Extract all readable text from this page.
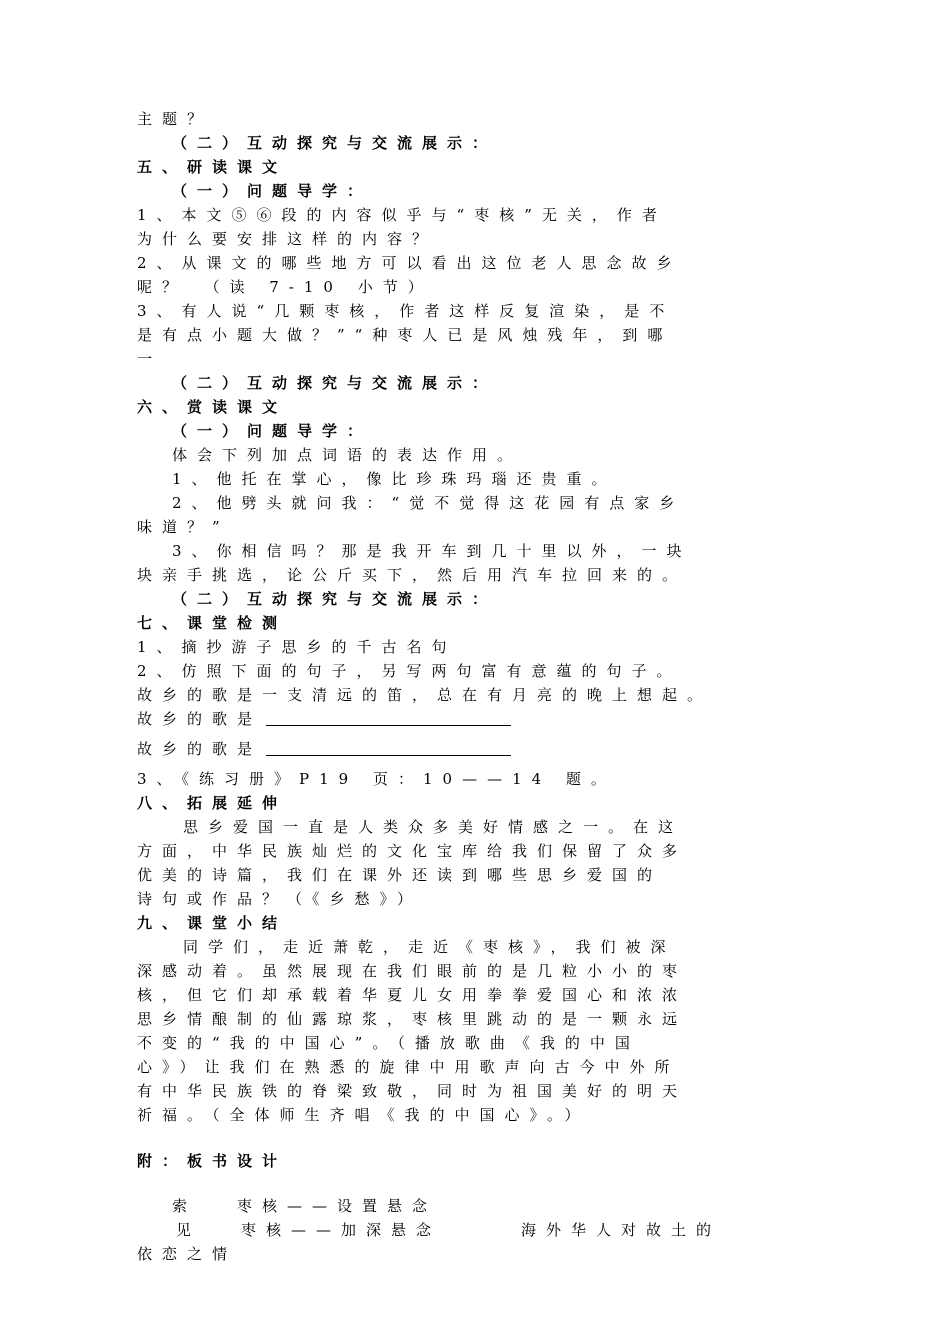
主题？
（二）互动探究与交流展示：
五、研读课文
（一）问题导学：
1、本文⑤⑥段的内容似乎与“枣核”无关，作者
为什么要安排这样的内容？
2、从课文的哪些地方可以看出这位老人思念故乡
呢？　（读 7-10 小节）
3、有人说“几颗枣核，作者这样反复渲染，是不
是有点小题大做？”“种枣人已是风烛残年，到哪
一
（二）互动探究与交流展示：
六、赏读课文
（一）问题导学：
体会下列加点词语的表达作用。
1、他托在掌心，像比珍珠玛瑙还贵重。
2、他劈头就问我：“觉不觉得这花园有点家乡
味道？”
3、你相信吗？那是我开车到几十里以外，一块
块亲手挑选，论公斤买下，然后用汽车拉回来的。
（二）互动探究与交流展示：
七、课堂检测
1、摘抄游子思乡的千古名句
2、仿照下面的句子，另写两句富有意蕴的句子。
故乡的歌是一支清远的笛，总在有月亮的晚上想起。
故乡的歌是
故乡的歌是
3、《练习册》P19 页：10——14 题。
八、拓展延伸
思乡爱国一直是人类众多美好情感之一。在这
方面，中华民族灿烂的文化宝库给我们保留了众多
优美的诗篇，我们在课外还读到哪些思乡爱国的
诗句或作品？（《乡愁》）
九、课堂小结
同学们，走近萧乾，走近《枣核》，我们被深
深感动着。虽然展现在我们眼前的是几粒小小的枣
核，但它们却承载着华夏儿女用拳拳爱国心和浓浓
思乡情酿制的仙露琼浆，枣核里跳动的是一颗永远
不变的“我的中国心”。（播放歌曲《我的中国
心》）让我们在熟悉的旋律中用歌声向古今中外所
有中华民族铁的脊梁致敬，同时为祖国美好的明天
祈福。（全体师生齐唱《我的中国心》。）
附：板书设计
索	枣核——设置悬念
见	枣核——加深悬念	海外华人对故土的
依恋之情
